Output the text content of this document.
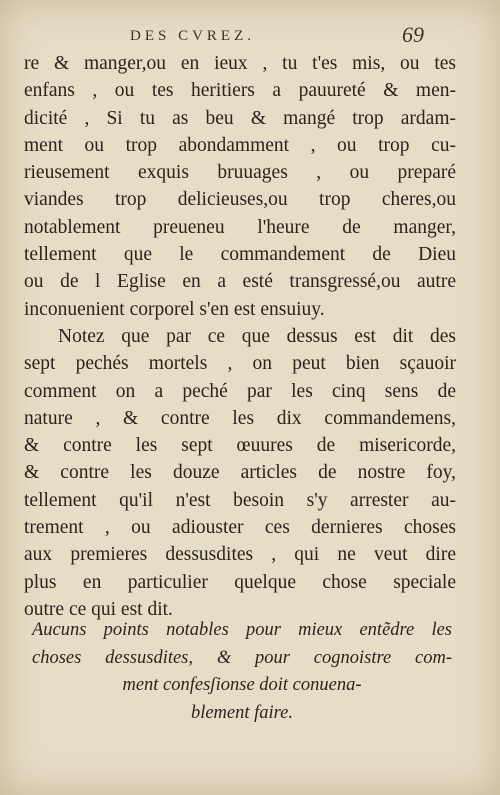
DES CVREZ.	69
re & manger,ou en ieux , tu t'es mis, ou tes
enfans , ou tes heritiers a pauureté & men-
dicité , Si tu as beu & mangé trop ardam-
ment ou trop abondamment , ou trop cu-
rieusement exquis bruuages , ou preparé
viandes trop delicieuses,ou trop cheres,ou
notablement preueneu l'heure de manger,
tellement que le commandement de Dieu
ou de l Eglise en a esté transgressé,ou autre
inconuenient corporel s'en est ensuiuy.
Notez que par ce que dessus est dit des
sept pechés mortels , on peut bien sçauoir
comment on a peché par les cinq sens de
nature , & contre les dix commandemens,
& contre les sept œuures de misericorde,
& contre les douze articles de nostre foy,
tellement qu'il n'est besoin s'y arrester au-
trement , ou adiouster ces dernieres choses
aux premieres dessusdites , qui ne veut dire
plus en particulier quelque chose speciale
outre ce qui est dit.
Aucuns points notables pour mieux entẽdre les
choses dessusdites, & pour cognoistre com-
ment confesʃionse doit conuena-
blement faire.
